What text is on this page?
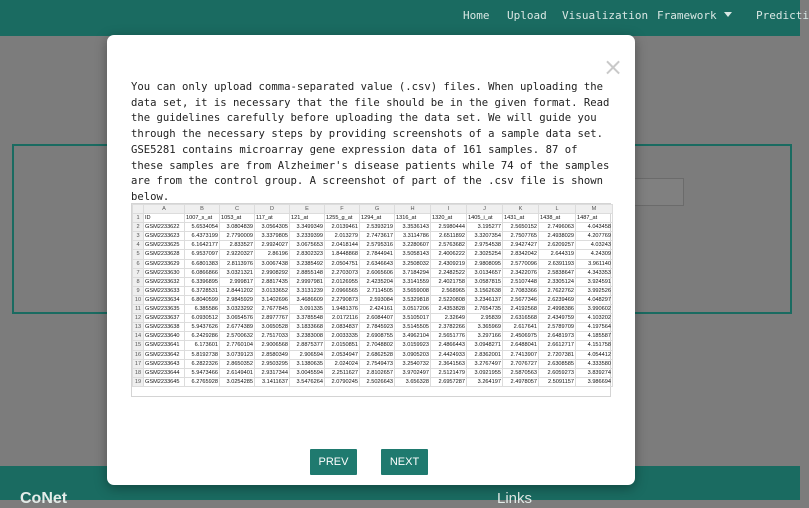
Home Upload Visualization Framework	Predicti
CoNet	Links
×

You can only upload comma-separated value (.csv) files. When uploading the data set, it is necessary that the file should be in the given format. Read the guidelines carefully before uploading the data set. We will guide you through the necessary steps by providing screenshots of a sample data set. GSE5281 contains microarray gene expression data of 161 samples. 87 of these samples are from Alzheimer's disease patients while 74 of the samples are from the control group. A screenshot of part of the .csv file is shown below.

	A	B	C	D	E	F	G	H	I	J	K	L	M
1	ID	1007_s_at	1053_at	117_at	121_at	1255_g_at	1294_at	1316_at	1320_at	1405_i_at	1431_at	1438_at	1487_at
2	GSM2233622	5.6534054	3.0804839	3.0564305	3.3499349	2.0139461	2.5393219	3.3536143	2.5980444	3.195277	2.5650152	2.7496063	4.043458
3	GSM2233623	6.4373199	2.7790009	3.3379805	3.2339399	2.013279	2.7473617	3.3114786	2.6511892	3.3207354	2.7507765	2.4938029	4.207769
4	GSM2233625	6.1642177	2.833527	2.9924027	3.0675653	2.0418144	2.5795316	3.2280607	2.5763682	2.9754538	2.9427427	2.6209257	4.03243
5	GSM2233628	6.9537097	2.9220327	2.86196	2.8302323	1.8448868	2.7844941	3.5058143	2.4006222	2.3025254	2.8342042	2.644319	4.24309
6	GSM2233629	6.6801383	2.8113976	3.0067438	3.2385492	2.0504751	2.6346643	3.2508032	2.4309219	2.9808095	2.5770096	2.6391193	3.961140
7	GSM2233630	6.0866866	3.0321321	2.9908292	2.8855148	2.2703073	2.6065606	3.7184294	2.2482522	3.0134657	2.3422076	2.5838647	4.343353
8	GSM2233632	6.3396895	2.999817	2.8817435	2.9997981	2.0126955	2.4235204	3.3141559	2.4021758	3.0587815	2.5107448	2.3305124	3.924591
9	GSM2233633	6.3728531	2.8441202	3.0133652	3.3131239	2.0966565	2.7114505	3.5659008	2.568965	3.1562638	2.7083366	2.7622762	3.992526
10	GSM2233634	6.8040599	2.9845929	3.1402696	3.4686609	2.2790873	2.593084	3.5329818	2.5220808	3.2346137	2.5677346	2.6239469	4.048297
11	GSM2233635	6.385586	3.0323292	2.7677845	3.091335	1.9481376	2.424161	3.0517206	2.4353828	2.7654735	2.4192568	2.4998386	3.990602
12	GSM2233637	6.0930512	3.0654576	2.8977767	3.3785548	2.0172116	2.6084407	3.5105017	2.32649	2.95839	2.6316568	2.4349759	4.103202
13	GSM2233638	5.9437626	2.6774389	3.0650528	3.1833668	2.0834837	2.7845923	3.5145505	2.3782266	3.365969	2.617641	2.5789709	4.197564
14	GSM2233640	6.2429286	2.5700632	2.7517033	3.2383008	2.0033335	2.6908755	3.4962104	2.5651776	3.297166	2.4506975	2.6481973	4.185587
15	GSM2233641	6.173601	2.7760104	2.9006568	2.8875377	2.0150851	2.7048802	3.0159923	2.4866443	3.0948271	2.6488041	2.6612717	4.151758
16	GSM2233642	5.8192738	3.0739123	2.8580349	2.906594	2.0534947	2.6862528	3.0905203	2.4424933	2.8362001	2.7413907	2.7207381	4.054412
17	GSM2233643	6.2822326	2.8650352	2.9503295	3.1380635	2.024024	2.7549473	3.2540732	2.3641563	3.2767497	2.7076727	2.6308585	4.333580
18	GSM2233644	5.9473466	2.6149401	2.9317344	3.0045594	2.2511627	2.8102657	3.9702497	2.5121479	3.0921955	2.5870563	2.6059273	3.839274
19	GSM2233645	6.2765928	3.0254285	3.1411637	3.5476264	2.0790245	2.5026643	3.656328	2.6957287	3.264197	2.4978057	2.5091157	3.986694
PREV	NEXT
